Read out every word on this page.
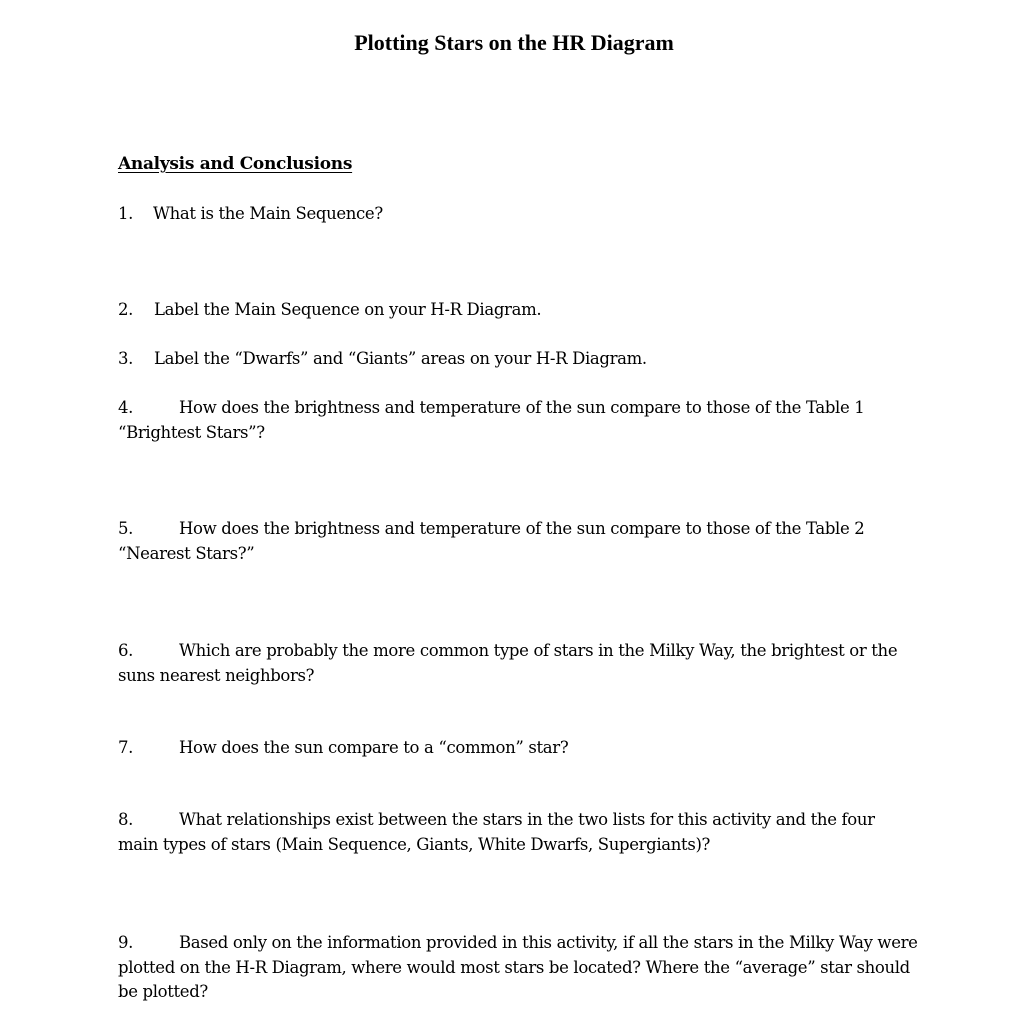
Plotting Stars on the HR Diagram
Analysis and Conclusions

1. What is the Main Sequence?

2. Label the Main Sequence on your H-R Diagram.

3. Label the “Dwarfs” and “Giants” areas on your H-R Diagram.

4.	How does the brightness and temperature of the sun compare to those of the Table 1 “Brightest Stars”?

5.	How does the brightness and temperature of the sun compare to those of the Table 2 “Nearest Stars?”

6.	Which are probably the more common type of stars in the Milky Way, the brightest or the suns nearest neighbors?

7.	How does the sun compare to a “common” star?

8.	What relationships exist between the stars in the two lists for this activity and the four main types of stars (Main Sequence, Giants, White Dwarfs, Supergiants)?

9.	Based only on the information provided in this activity, if all the stars in the Milky Way were plotted on the H-R Diagram, where would most stars be located? Where the “average” star should be plotted?
